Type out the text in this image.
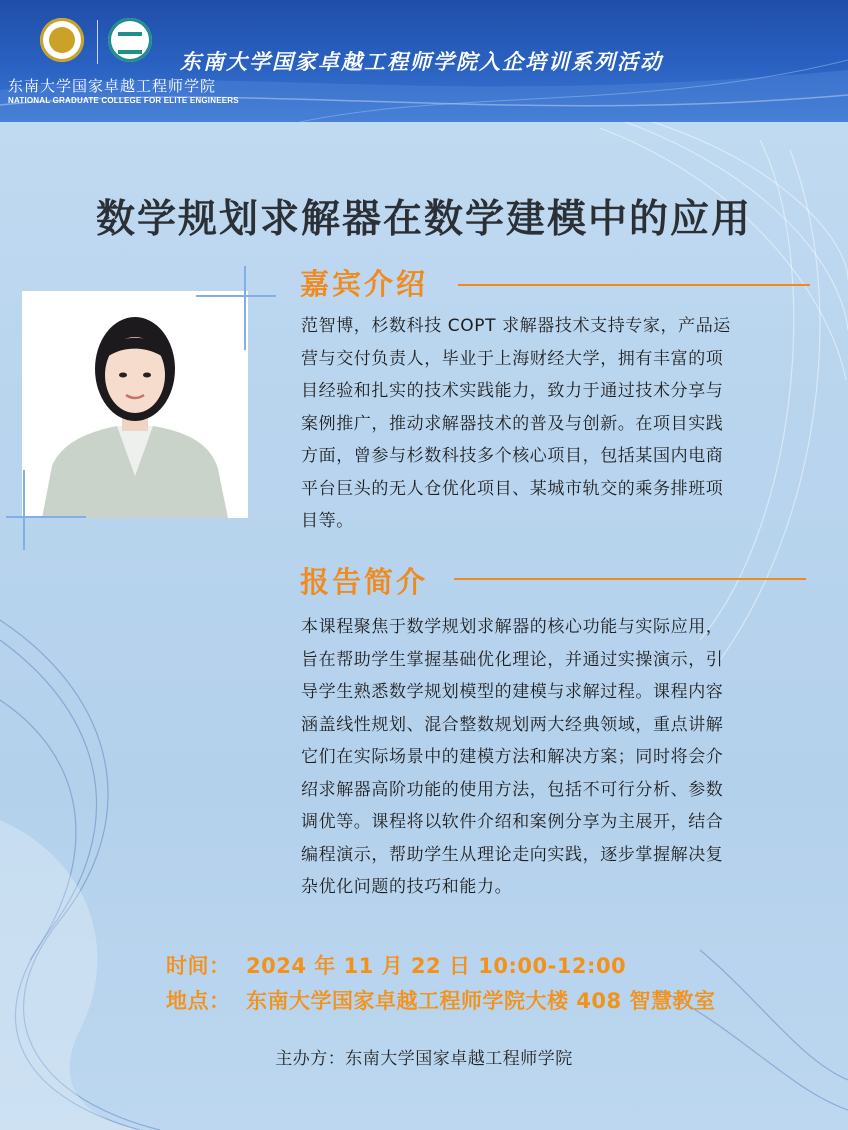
东南大学国家卓越工程师学院
NATIONAL GRADUATE COLLEGE FOR ELITE ENGINEERS
东南大学国家卓越工程师学院入企培训系列活动
数学规划求解器在数学建模中的应用
嘉宾介绍
范智博，杉数科技 COPT 求解器技术支持专家，产品运
营与交付负责人，毕业于上海财经大学，拥有丰富的项
目经验和扎实的技术实践能力，致力于通过技术分享与
案例推广，推动求解器技术的普及与创新。在项目实践
方面，曾参与杉数科技多个核心项目，包括某国内电商
平台巨头的无人仓优化项目、某城市轨交的乘务排班项
目等。
报告简介
本课程聚焦于数学规划求解器的核心功能与实际应用，
旨在帮助学生掌握基础优化理论，并通过实操演示，引
导学生熟悉数学规划模型的建模与求解过程。课程内容
涵盖线性规划、混合整数规划两大经典领域，重点讲解
它们在实际场景中的建模方法和解决方案；同时将会介
绍求解器高阶功能的使用方法，包括不可行分析、参数
调优等。课程将以软件介绍和案例分享为主展开，结合
编程演示，帮助学生从理论走向实践，逐步掌握解决复
杂优化问题的技巧和能力。
时间： 2024 年 11 月 22 日 10:00-12:00
地点： 东南大学国家卓越工程师学院大楼 408 智慧教室
主办方：东南大学国家卓越工程师学院
